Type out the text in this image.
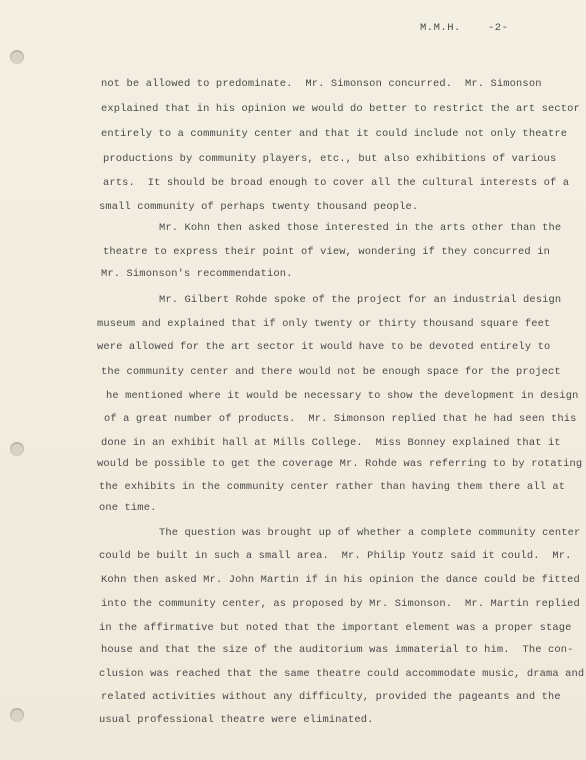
M.M.H.    -2-
not be allowed to predominate.  Mr. Simonson concurred.  Mr. Simonson
explained that in his opinion we would do better to restrict the art sector
entirely to a community center and that it could include not only theatre
productions by community players, etc., but also exhibitions of various
arts.  It should be broad enough to cover all the cultural interests of a
small community of perhaps twenty thousand people.
Mr. Kohn then asked those interested in the arts other than the
theatre to express their point of view, wondering if they concurred in
Mr. Simonson's recommendation.
Mr. Gilbert Rohde spoke of the project for an industrial design
museum and explained that if only twenty or thirty thousand square feet
were allowed for the art sector it would have to be devoted entirely to
the community center and there would not be enough space for the project
he mentioned where it would be necessary to show the development in design
of a great number of products.  Mr. Simonson replied that he had seen this
done in an exhibit hall at Mills College.  Miss Bonney explained that it
would be possible to get the coverage Mr. Rohde was referring to by rotating
the exhibits in the community center rather than having them there all at
one time.
The question was brought up of whether a complete community center
could be built in such a small area.  Mr. Philip Youtz said it could.  Mr.
Kohn then asked Mr. John Martin if in his opinion the dance could be fitted
into the community center, as proposed by Mr. Simonson.  Mr. Martin replied
in the affirmative but noted that the important element was a proper stage
house and that the size of the auditorium was immaterial to him.  The con-
clusion was reached that the same theatre could accommodate music, drama and
related activities without any difficulty, provided the pageants and the
usual professional theatre were eliminated.
